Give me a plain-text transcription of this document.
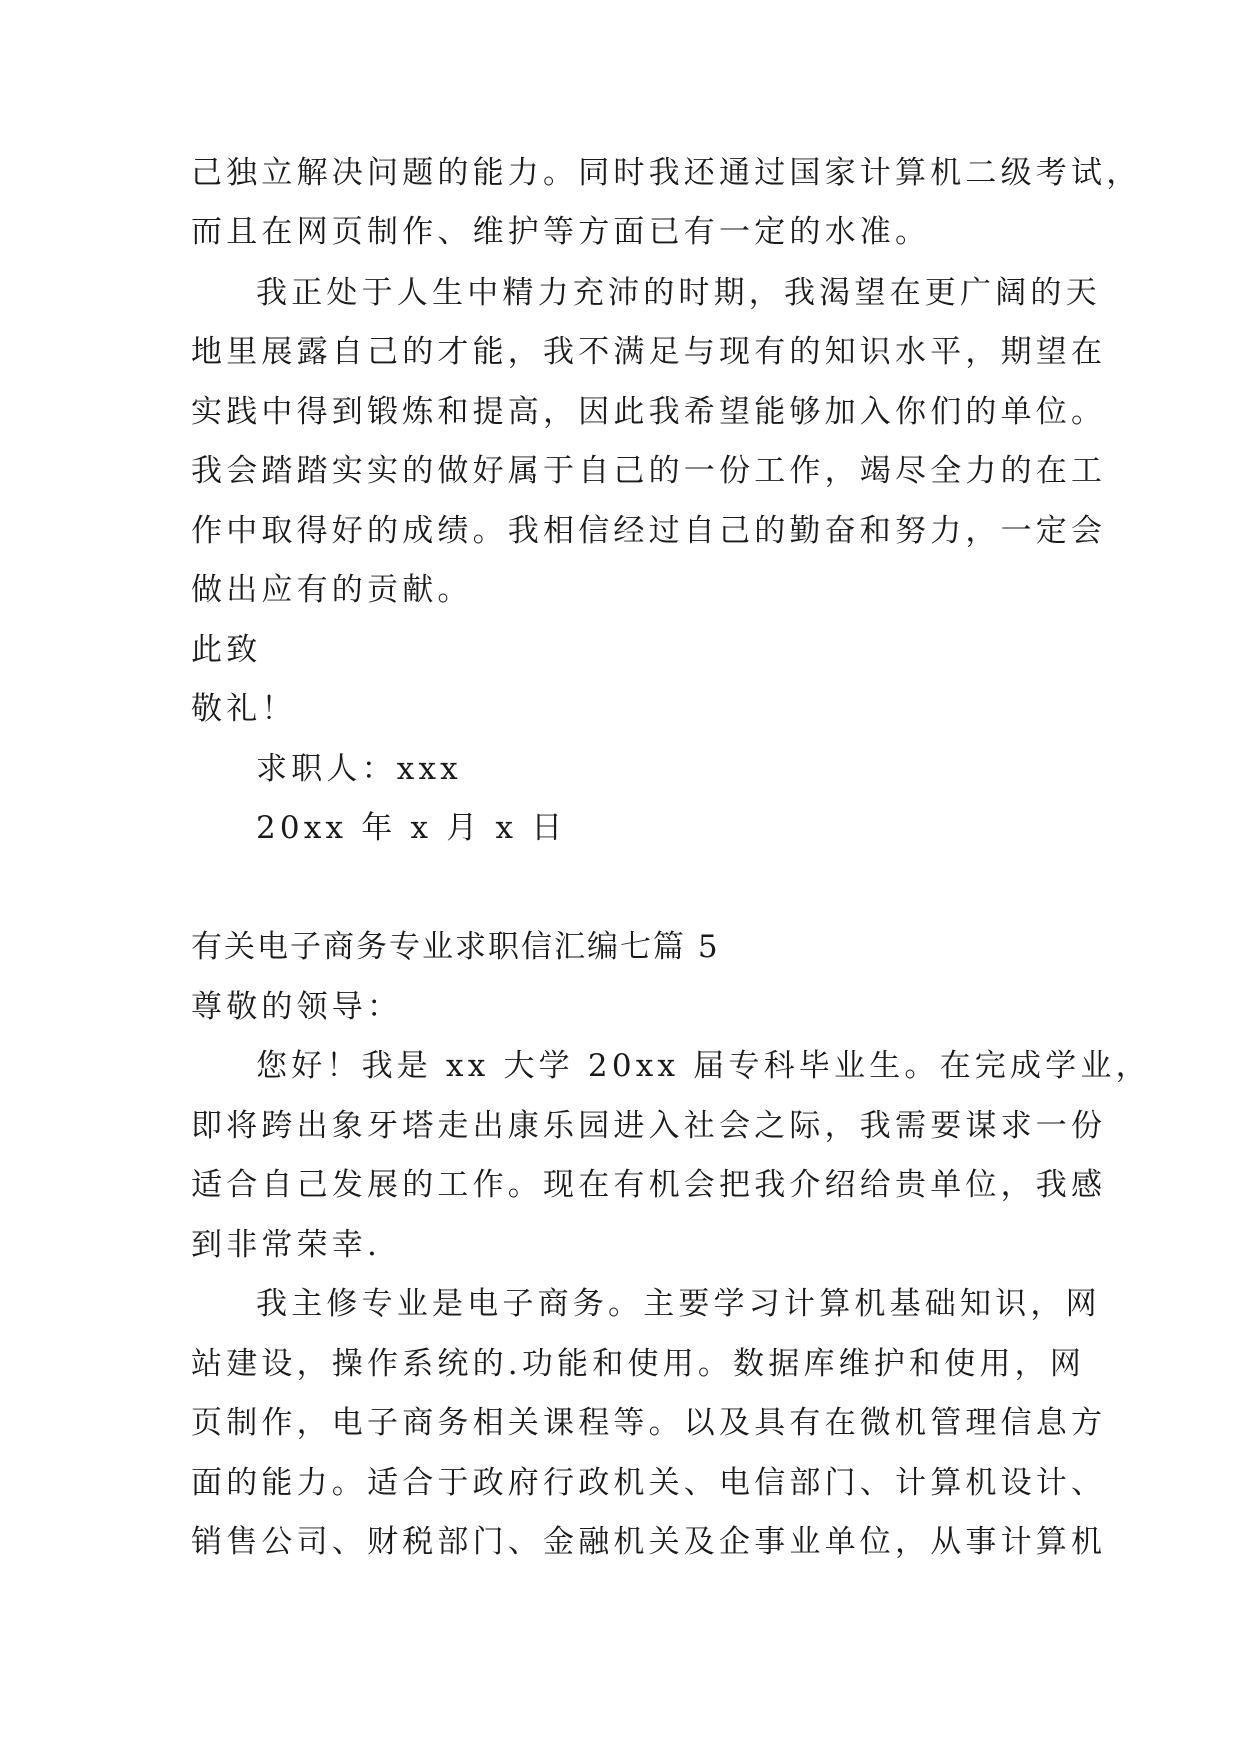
己独立解决问题的能力。同时我还通过国家计算机二级考试，
而且在网页制作、维护等方面已有一定的水准。
我正处于人生中精力充沛的时期，我渴望在更广阔的天
地里展露自己的才能，我不满足与现有的知识水平，期望在
实践中得到锻炼和提高，因此我希望能够加入你们的单位。
我会踏踏实实的做好属于自己的一份工作，竭尽全力的在工
作中取得好的成绩。我相信经过自己的勤奋和努力，一定会
做出应有的贡献。
此致
敬礼！
求职人：xxx
20xx 年 x 月 x 日
有关电子商务专业求职信汇编七篇 5
尊敬的领导：
您好！我是 xx 大学 20xx 届专科毕业生。在完成学业，
即将跨出象牙塔走出康乐园进入社会之际，我需要谋求一份
适合自己发展的工作。现在有机会把我介绍给贵单位，我感
到非常荣幸.
我主修专业是电子商务。主要学习计算机基础知识，网
站建设，操作系统的.功能和使用。数据库维护和使用，网
页制作，电子商务相关课程等。以及具有在微机管理信息方
面的能力。适合于政府行政机关、电信部门、计算机设计、
销售公司、财税部门、金融机关及企事业单位，从事计算机
